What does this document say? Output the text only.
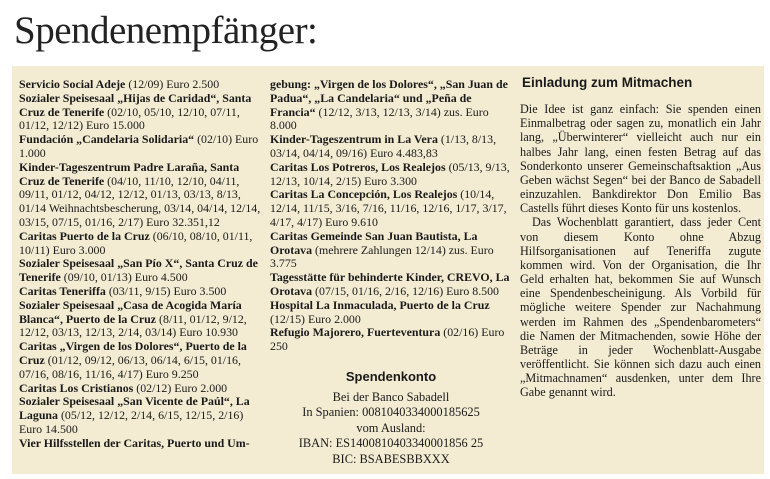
Spendenempfänger:
Servicio Social Adeje (12/09) Euro 2.500
Sozialer Speisesaal „Hijas de Caridad“, Santa Cruz de Tenerife (02/10, 05/10, 12/10, 07/11, 01/12, 12/12) Euro 15.000
Fundación „Candelaria Solidaria“ (02/10) Euro 1.000
Kinder-Tageszentrum Padre Laraña, Santa Cruz de Tenerife (04/10, 11/10, 12/10, 04/11, 09/11, 01/12, 04/12, 12/12, 01/13, 03/13, 8/13, 01/14 Weihnachtsbescherung, 03/14, 04/14, 12/14, 03/15, 07/15, 01/16, 2/17) Euro 32.351,12
Caritas Puerto de la Cruz (06/10, 08/10, 01/11, 10/11) Euro 3.000
Sozialer Speisesaal „San Pío X“, Santa Cruz de Tenerife (09/10, 01/13) Euro 4.500
Caritas Teneriffa (03/11, 9/15) Euro 3.500
Sozialer Speisesaal „Casa de Acogida María Blanca“, Puerto de la Cruz (8/11, 01/12, 9/12, 12/12, 03/13, 12/13, 2/14, 03/14) Euro 10.930
Caritas „Virgen de los Dolores“, Puerto de la Cruz (01/12, 09/12, 06/13, 06/14, 6/15, 01/16, 07/16, 08/16, 11/16, 4/17) Euro 9.250
Caritas Los Cristianos (02/12) Euro 2.000
Sozialer Speisesaal „San Vicente de Paúl“, La Laguna (05/12, 12/12, 2/14, 6/15, 12/15, 2/16) Euro 14.500
Vier Hilfsstellen der Caritas, Puerto und Um-
gebung: „Virgen de los Dolores“, „San Juan de Padua“, „La Candelaria“ und „Peña de Francia“ (12/12, 3/13, 12/13, 3/14) zus. Euro 8.000
Kinder-Tageszentrum in La Vera (1/13, 8/13, 03/14, 04/14, 09/16) Euro 4.483,83
Caritas Los Potreros, Los Realejos (05/13, 9/13, 12/13, 10/14, 2/15) Euro 3.300
Caritas La Concepción, Los Realejos (10/14, 12/14, 11/15, 3/16, 7/16, 11/16, 12/16, 1/17, 3/17, 4/17, 4/17) Euro 9.610
Caritas Gemeinde San Juan Bautista, La Orotava (mehrere Zahlungen 12/14) zus. Euro 3.775
Tagesstätte für behinderte Kinder, CREVO, La Orotava (07/15, 01/16, 2/16, 12/16) Euro 8.500
Hospital La Inmaculada, Puerto de la Cruz (12/15) Euro 2.000
Refugio Majorero, Fuerteventura (02/16) Euro 250
Spendenkonto
Bei der Banco Sabadell
In Spanien: 0081040334000185625
vom Ausland:
IBAN: ES1400810403340001856 25
BIC: BSABESBBXXX
Einladung zum Mitmachen

Die Idee ist ganz einfach: Sie spenden einen Einmalbetrag oder sagen zu, monatlich ein Jahr lang, „Überwinterer“ vielleicht auch nur ein halbes Jahr lang, einen festen Betrag auf das Sonderkonto unserer Gemeinschaftsaktion „Aus Geben wächst Segen“ bei der Banco de Sabadell einzuzahlen. Bankdirektor Don Emilio Bas Castells führt dieses Konto für uns kostenlos.

Das Wochenblatt garantiert, dass jeder Cent von diesem Konto ohne Abzug Hilfsorganisationen auf Teneriffa zugute kommen wird. Von der Organisation, die Ihr Geld erhalten hat, bekommen Sie auf Wunsch eine Spendenbescheinigung. Als Vorbild für mögliche weitere Spender zur Nachahmung werden im Rahmen des „Spendenbarometers“ die Namen der Mitmachenden, sowie Höhe der Beträge in jeder Wochenblatt-Ausgabe veröffentlicht. Sie können sich dazu auch einen „Mitmachnamen“ ausdenken, unter dem Ihre Gabe genannt wird.
